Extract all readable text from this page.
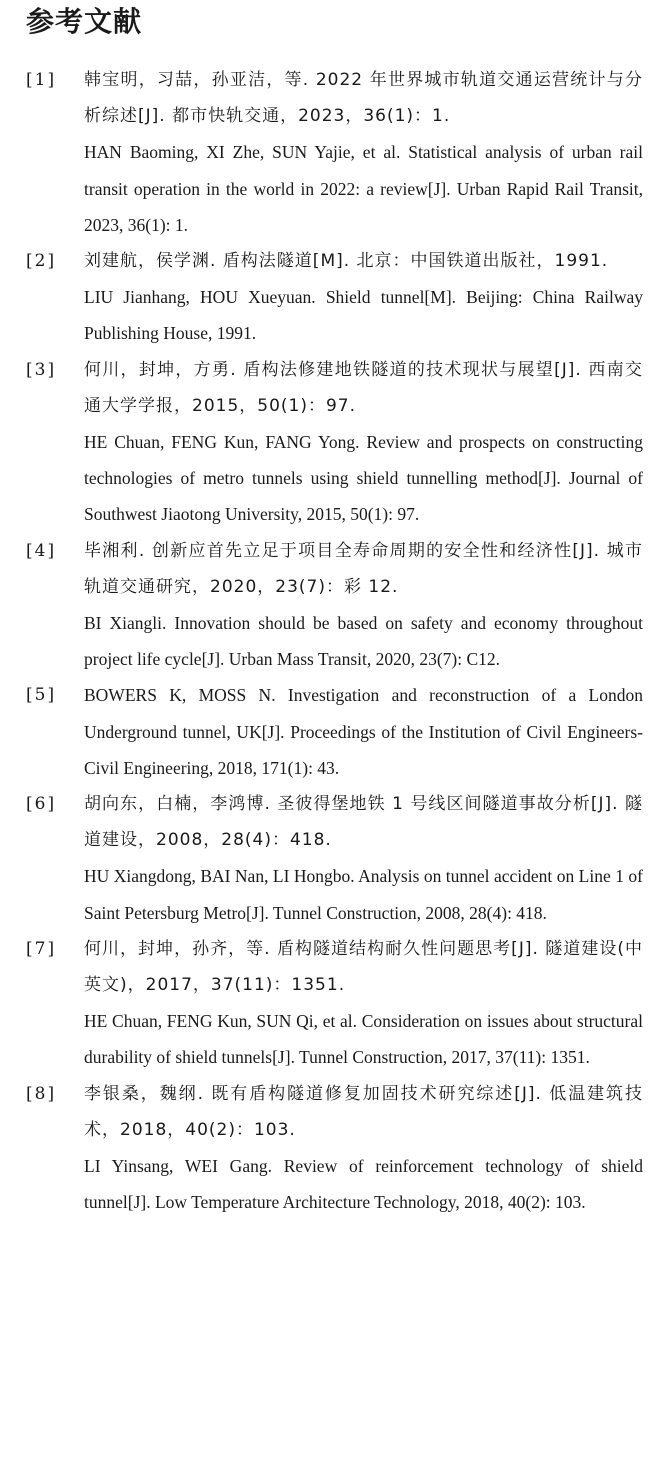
参考文献
[1]	韩宝明，习喆，孙亚洁，等. 2022 年世界城市轨道交通运营统计与分析综述[J]. 都市快轨交通，2023，36(1)：1.
HAN Baoming, XI Zhe, SUN Yajie, et al. Statistical analysis of urban rail transit operation in the world in 2022: a review[J]. Urban Rapid Rail Transit, 2023, 36(1): 1.
[2]	刘建航，侯学渊. 盾构法隧道[M]. 北京：中国铁道出版社，1991.
LIU Jianhang, HOU Xueyuan. Shield tunnel[M]. Beijing: China Railway Publishing House, 1991.
[3]	何川，封坤，方勇. 盾构法修建地铁隧道的技术现状与展望[J]. 西南交通大学学报，2015，50(1)：97.
HE Chuan, FENG Kun, FANG Yong. Review and prospects on constructing technologies of metro tunnels using shield tunnelling method[J]. Journal of Southwest Jiaotong University, 2015, 50(1): 97.
[4]	毕湘利. 创新应首先立足于项目全寿命周期的安全性和经济性[J]. 城市轨道交通研究，2020，23(7)：彩 12.
BI Xiangli. Innovation should be based on safety and economy throughout project life cycle[J]. Urban Mass Transit, 2020, 23(7): C12.
[5]	BOWERS K, MOSS N. Investigation and reconstruction of a London Underground tunnel, UK[J]. Proceedings of the Institution of Civil Engineers-Civil Engineering, 2018, 171(1): 43.
[6]	胡向东，白楠，李鸿博. 圣彼得堡地铁 1 号线区间隧道事故分析[J]. 隧道建设，2008，28(4)：418.
HU Xiangdong, BAI Nan, LI Hongbo. Analysis on tunnel accident on Line 1 of Saint Petersburg Metro[J]. Tunnel Construction, 2008, 28(4): 418.
[7]	何川，封坤，孙齐，等. 盾构隧道结构耐久性问题思考[J]. 隧道建设(中英文)，2017，37(11)：1351.
HE Chuan, FENG Kun, SUN Qi, et al. Consideration on issues about structural durability of shield tunnels[J]. Tunnel Construction, 2017, 37(11): 1351.
[8]	李银桑，魏纲. 既有盾构隧道修复加固技术研究综述[J]. 低温建筑技术，2018，40(2)：103.
LI Yinsang, WEI Gang. Review of reinforcement technology of shield tunnel[J]. Low Temperature Architecture Technology, 2018, 40(2): 103.
